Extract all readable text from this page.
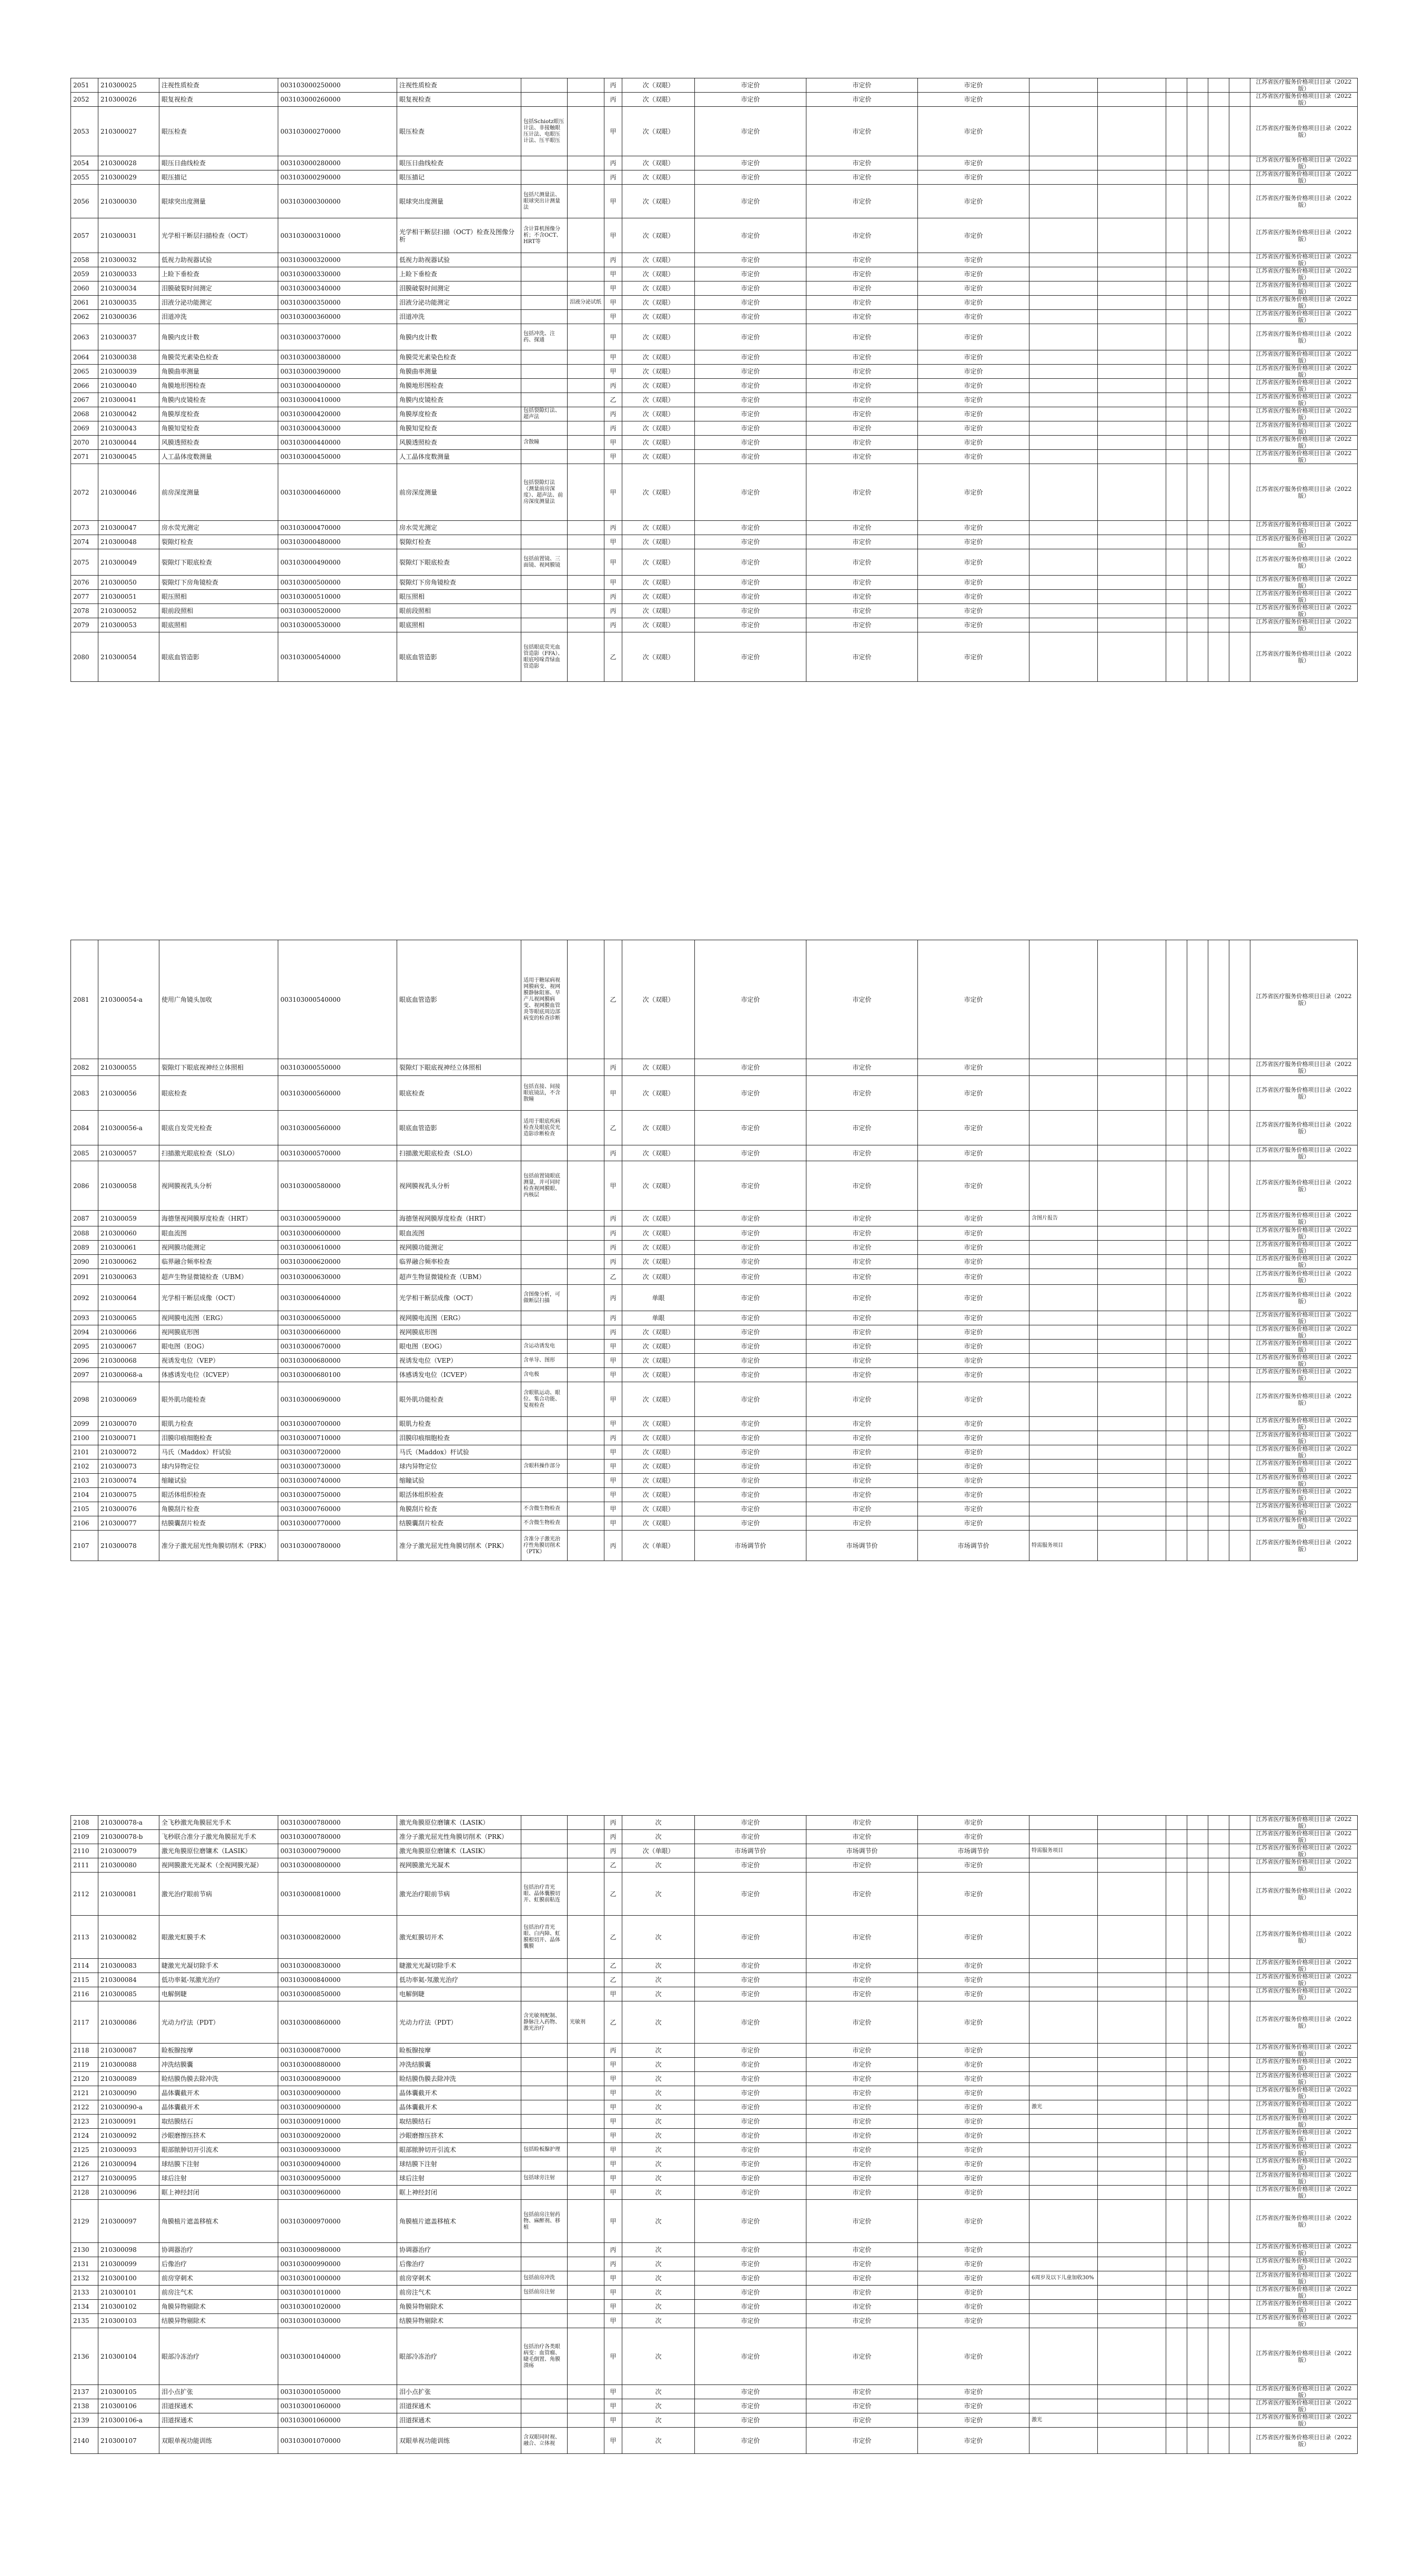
2051	210300025	注视性质检查	003103000250000	注视性质检查			丙	次（双眼）	市定价	市定价	市定价							江苏省医疗服务价格项目目录（2022版）
2052	210300026	眼复视检查	003103000260000	眼复视检查			丙	次（双眼）	市定价	市定价	市定价							江苏省医疗服务价格项目目录（2022版）
2053	210300027	眼压检查	003103000270000	眼压检查	包括Schiotz眼压计法、非接触眼压计法、电眼压计法、压平眼压		甲	次（双眼）	市定价	市定价	市定价							江苏省医疗服务价格项目目录（2022版）
2054	210300028	眼压日曲线检查	003103000280000	眼压日曲线检查			丙	次（双眼）	市定价	市定价	市定价							江苏省医疗服务价格项目目录（2022版）
2055	210300029	眼压描记	003103000290000	眼压描记			丙	次（双眼）	市定价	市定价	市定价							江苏省医疗服务价格项目目录（2022版）
2056	210300030	眼球突出度测量	003103000300000	眼球突出度测量	包括尺测量法、眼球突出计测量法		甲	次（双眼）	市定价	市定价	市定价							江苏省医疗服务价格项目目录（2022版）
2057	210300031	光学相干断层扫描检查（OCT）	003103000310000	光学相干断层扫描（OCT）检查及图像分析	含计算机图像分析；不含OCT、HRT等		甲	次（双眼）	市定价	市定价	市定价							江苏省医疗服务价格项目目录（2022版）
2058	210300032	低视力助视器试验	003103000320000	低视力助视器试验			丙	次（双眼）	市定价	市定价	市定价							江苏省医疗服务价格项目目录（2022版）
2059	210300033	上睑下垂检查	003103000330000	上睑下垂检查			甲	次（双眼）	市定价	市定价	市定价							江苏省医疗服务价格项目目录（2022版）
2060	210300034	泪膜破裂时间测定	003103000340000	泪膜破裂时间测定			甲	次（双眼）	市定价	市定价	市定价							江苏省医疗服务价格项目目录（2022版）
2061	210300035	泪液分泌功能测定	003103000350000	泪液分泌功能测定		泪液分泌试纸	甲	次（双眼）	市定价	市定价	市定价							江苏省医疗服务价格项目目录（2022版）
2062	210300036	泪道冲洗	003103000360000	泪道冲洗			甲	次（双眼）	市定价	市定价	市定价							江苏省医疗服务价格项目目录（2022版）
2063	210300037	角膜内皮计数	003103000370000	角膜内皮计数	包括冲洗、注药、探通		甲	次（双眼）	市定价	市定价	市定价							江苏省医疗服务价格项目目录（2022版）
2064	210300038	角膜荧光素染色检查	003103000380000	角膜荧光素染色检查			甲	次（双眼）	市定价	市定价	市定价							江苏省医疗服务价格项目目录（2022版）
2065	210300039	角膜曲率测量	003103000390000	角膜曲率测量			甲	次（双眼）	市定价	市定价	市定价							江苏省医疗服务价格项目目录（2022版）
2066	210300040	角膜地形图检查	003103000400000	角膜地形图检查			丙	次（双眼）	市定价	市定价	市定价							江苏省医疗服务价格项目目录（2022版）
2067	210300041	角膜内皮镜检查	003103000410000	角膜内皮镜检查			乙	次（双眼）	市定价	市定价	市定价							江苏省医疗服务价格项目目录（2022版）
2068	210300042	角膜厚度检查	003103000420000	角膜厚度检查	包括裂隙灯法、超声法		丙	次（双眼）	市定价	市定价	市定价							江苏省医疗服务价格项目目录（2022版）
2069	210300043	角膜知觉检查	003103000430000	角膜知觉检查			丙	次（双眼）	市定价	市定价	市定价							江苏省医疗服务价格项目目录（2022版）
2070	210300044	风膜透照检查	003103000440000	风膜透照检查	含散瞳		甲	次（双眼）	市定价	市定价	市定价							江苏省医疗服务价格项目目录（2022版）
2071	210300045	人工晶体度数测量	003103000450000	人工晶体度数测量			甲	次（双眼）	市定价	市定价	市定价							江苏省医疗服务价格项目目录（2022版）
2072	210300046	前房深度测量	003103000460000	前房深度测量	包括裂隙灯法（测量前房深度）、超声法、前房深度测量法		甲	次（双眼）	市定价	市定价	市定价							江苏省医疗服务价格项目目录（2022版）
2073	210300047	房水荧光测定	003103000470000	房水荧光测定			丙	次（双眼）	市定价	市定价	市定价							江苏省医疗服务价格项目目录（2022版）
2074	210300048	裂隙灯检查	003103000480000	裂隙灯检查			甲	次（双眼）	市定价	市定价	市定价							江苏省医疗服务价格项目目录（2022版）
2075	210300049	裂隙灯下眼底检查	003103000490000	裂隙灯下眼底检查	包括前置镜、三面镜、视网膜镜		甲	次（双眼）	市定价	市定价	市定价							江苏省医疗服务价格项目目录（2022版）
2076	210300050	裂隙灯下房角镜检查	003103000500000	裂隙灯下房角镜检查			甲	次（双眼）	市定价	市定价	市定价							江苏省医疗服务价格项目目录（2022版）
2077	210300051	眼压照相	003103000510000	眼压照相			丙	次（双眼）	市定价	市定价	市定价							江苏省医疗服务价格项目目录（2022版）
2078	210300052	眼前段照相	003103000520000	眼前段照相			丙	次（双眼）	市定价	市定价	市定价							江苏省医疗服务价格项目目录（2022版）
2079	210300053	眼底照相	003103000530000	眼底照相			丙	次（双眼）	市定价	市定价	市定价							江苏省医疗服务价格项目目录（2022版）
2080	210300054	眼底血管造影	003103000540000	眼底血管造影	包括眼底荧光血管造影（FFA）、眼底吲哚青绿血管造影		乙	次（双眼）	市定价	市定价	市定价							江苏省医疗服务价格项目目录（2022版）
2081	210300054-a	使用广角镜头加收	003103000540000	眼底血管造影	适用于糖尿病视网膜病变、视网膜静脉阻塞、早产儿视网膜病变、视网膜血管炎等眼底周边部病变的检查诊断		乙	次（双眼）	市定价	市定价	市定价							江苏省医疗服务价格项目目录（2022版）
2082	210300055	裂隙灯下眼底视神经立体照相	003103000550000	裂隙灯下眼底视神经立体照相			丙	次（双眼）	市定价	市定价	市定价							江苏省医疗服务价格项目目录（2022版）
2083	210300056	眼底检查	003103000560000	眼底检查	包括直接、间接眼底镜法，不含散瞳		甲	次（双眼）	市定价	市定价	市定价							江苏省医疗服务价格项目目录（2022版）
2084	210300056-a	眼底自发荧光检查	003103000560000	眼底血管造影	适用于眼底疾病检查及眼底荧光造影诊断检查		乙	次（双眼）	市定价	市定价	市定价							江苏省医疗服务价格项目目录（2022版）
2085	210300057	扫描激光眼底检查（SLO）	003103000570000	扫描激光眼底检查（SLO）			丙	次（双眼）	市定价	市定价	市定价							江苏省医疗服务价格项目目录（2022版）
2086	210300058	视网膜视乳头分析	003103000580000	视网膜视乳头分析	包括前置镜眼底测量，并可同时检查视网膜眼、内核层		甲	次（双眼）	市定价	市定价	市定价							江苏省医疗服务价格项目目录（2022版）
2087	210300059	海德堡视网膜厚度检查（HRT）	003103000590000	海德堡视网膜厚度检查（HRT）			丙	次（双眼）	市定价	市定价	市定价	含图片报告						江苏省医疗服务价格项目目录（2022版）
2088	210300060	眼血流图	003103000600000	眼血流图			丙	次（双眼）	市定价	市定价	市定价							江苏省医疗服务价格项目目录（2022版）
2089	210300061	视网膜功能测定	003103000610000	视网膜功能测定			丙	次（双眼）	市定价	市定价	市定价							江苏省医疗服务价格项目目录（2022版）
2090	210300062	临界融合频率检查	003103000620000	临界融合频率检查			丙	次（双眼）	市定价	市定价	市定价							江苏省医疗服务价格项目目录（2022版）
2091	210300063	超声生物显微镜检查（UBM）	003103000630000	超声生物显微镜检查（UBM）			乙	次（双眼）	市定价	市定价	市定价							江苏省医疗服务价格项目目录（2022版）
2092	210300064	光学相干断层成像（OCT）	003103000640000	光学相干断层成像（OCT）	含图像分析，可做断层扫描		丙	单眼	市定价	市定价	市定价							江苏省医疗服务价格项目目录（2022版）
2093	210300065	视网膜电流图（ERG）	003103000650000	视网膜电流图（ERG）			丙	单眼	市定价	市定价	市定价							江苏省医疗服务价格项目目录（2022版）
2094	210300066	视网膜底形图	003103000660000	视网膜底形图			丙	次（双眼）	市定价	市定价	市定价							江苏省医疗服务价格项目目录（2022版）
2095	210300067	眼电图（EOG）	003103000670000	眼电图（EOG）	含运动诱发电		甲	次（双眼）	市定价	市定价	市定价							江苏省医疗服务价格项目目录（2022版）
2096	210300068	视诱发电位（VEP）	003103000680000	视诱发电位（VEP）	含单导、图形		甲	次（双眼）	市定价	市定价	市定价							江苏省医疗服务价格项目目录（2022版）
2097	210300068-a	体感诱发电位（ICVEP）	003103000680100	体感诱发电位（ICVEP）	含电极		甲	次（双眼）	市定价	市定价	市定价							江苏省医疗服务价格项目目录（2022版）
2098	210300069	眼外肌功能检查	003103000690000	眼外肌功能检查	含眼肌运动、眼位、集合功能、复视检查		甲	次（双眼）	市定价	市定价	市定价							江苏省医疗服务价格项目目录（2022版）
2099	210300070	眼肌力检查	003103000700000	眼肌力检查			甲	次（双眼）	市定价	市定价	市定价							江苏省医疗服务价格项目目录（2022版）
2100	210300071	泪膜印痕细胞检查	003103000710000	泪膜印痕细胞检查			丙	次（双眼）	市定价	市定价	市定价							江苏省医疗服务价格项目目录（2022版）
2101	210300072	马氏（Maddox）杆试验	003103000720000	马氏（Maddox）杆试验			甲	次（双眼）	市定价	市定价	市定价							江苏省医疗服务价格项目目录（2022版）
2102	210300073	球内异物定位	003103000730000	球内异物定位	含眼科操作部分		甲	次（双眼）	市定价	市定价	市定价							江苏省医疗服务价格项目目录（2022版）
2103	210300074	缩瞳试验	003103000740000	缩瞳试验			甲	次（双眼）	市定价	市定价	市定价							江苏省医疗服务价格项目目录（2022版）
2104	210300075	眼活体组织检查	003103000750000	眼活体组织检查			甲	次（双眼）	市定价	市定价	市定价							江苏省医疗服务价格项目目录（2022版）
2105	210300076	角膜刮片检查	003103000760000	角膜刮片检查	不含微生物检查		甲	次（双眼）	市定价	市定价	市定价							江苏省医疗服务价格项目目录（2022版）
2106	210300077	结膜囊刮片检查	003103000770000	结膜囊刮片检查	不含微生物检查		甲	次（双眼）	市定价	市定价	市定价							江苏省医疗服务价格项目目录（2022版）
2107	210300078	准分子激光屈光性角膜切削术（PRK）	003103000780000	准分子激光屈光性角膜切削术（PRK）	含准分子激光治疗性角膜切削术（PTK）		丙	次（单眼）	市场调节价	市场调节价	市场调节价	特需服务项目						江苏省医疗服务价格项目目录（2022版）
2108	210300078-a	全飞秒激光角膜屈光手术	003103000780000	激光角膜原位磨镶术（LASIK）			丙	次	市定价	市定价	市定价							江苏省医疗服务价格项目目录（2022版）
2109	210300078-b	飞秒联合准分子激光角膜屈光手术	003103000780000	准分子激光屈光性角膜切削术（PRK）			丙	次	市定价	市定价	市定价							江苏省医疗服务价格项目目录（2022版）
2110	210300079	激光角膜原位磨镶术（LASIK）	003103000790000	激光角膜原位磨镶术（LASIK）			丙	次（单眼）	市场调节价	市场调节价	市场调节价	特需服务项目						江苏省医疗服务价格项目目录（2022版）
2111	210300080	视网膜激光光凝术（全视网膜光凝）	003103000800000	视网膜激光光凝术			乙	次	市定价	市定价	市定价							江苏省医疗服务价格项目目录（2022版）
2112	210300081	激光治疗眼前节病	003103000810000	激光治疗眼前节病	包括治疗青光眼、晶体囊膜切开、虹膜前粘连		乙	次	市定价	市定价	市定价							江苏省医疗服务价格项目目录（2022版）
2113	210300082	眼激光虹膜手术	003103000820000	激光虹膜切开术	包括治疗青光眼、白内障、虹膜根切开、晶体囊膜		乙	次	市定价	市定价	市定价							江苏省医疗服务价格项目目录（2022版）
2114	210300083	睫激光光凝切除手术	003103000830000	睫激光光凝切除手术			乙	次	市定价	市定价	市定价							江苏省医疗服务价格项目目录（2022版）
2115	210300084	低功率氦-氖激光治疗	003103000840000	低功率氦-氖激光治疗			乙	次	市定价	市定价	市定价							江苏省医疗服务价格项目目录（2022版）
2116	210300085	电解倒睫	003103000850000	电解倒睫			甲	次	市定价	市定价	市定价							江苏省医疗服务价格项目目录（2022版）
2117	210300086	光动力疗法（PDT）	003103000860000	光动力疗法（PDT）	含光敏剂配制、静脉注入药物、激光治疗	光敏剂	乙	次	市定价	市定价	市定价							江苏省医疗服务价格项目目录（2022版）
2118	210300087	睑板腺按摩	003103000870000	睑板腺按摩			丙	次	市定价	市定价	市定价							江苏省医疗服务价格项目目录（2022版）
2119	210300088	冲洗结膜囊	003103000880000	冲洗结膜囊			甲	次	市定价	市定价	市定价							江苏省医疗服务价格项目目录（2022版）
2120	210300089	睑结膜伪膜去除冲洗	003103000890000	睑结膜伪膜去除冲洗			甲	次	市定价	市定价	市定价							江苏省医疗服务价格项目目录（2022版）
2121	210300090	晶体囊截开术	003103000900000	晶体囊截开术			甲	次	市定价	市定价	市定价							江苏省医疗服务价格项目目录（2022版）
2122	210300090-a	晶体囊截开术	003103000900000	晶体囊截开术			甲	次	市定价	市定价	市定价	激光						江苏省医疗服务价格项目目录（2022版）
2123	210300091	取结膜结石	003103000910000	取结膜结石			甲	次	市定价	市定价	市定价							江苏省医疗服务价格项目目录（2022版）
2124	210300092	沙眼磨擦压挤术	003103000920000	沙眼磨擦压挤术			甲	次	市定价	市定价	市定价							江苏省医疗服务价格项目目录（2022版）
2125	210300093	眼部脓肿切开引流术	003103000930000	眼部脓肿切开引流术	包括睑板腺护理		甲	次	市定价	市定价	市定价							江苏省医疗服务价格项目目录（2022版）
2126	210300094	球结膜下注射	003103000940000	球结膜下注射			甲	次	市定价	市定价	市定价							江苏省医疗服务价格项目目录（2022版）
2127	210300095	球后注射	003103000950000	球后注射	包括球旁注射		甲	次	市定价	市定价	市定价							江苏省医疗服务价格项目目录（2022版）
2128	210300096	眶上神经封闭	003103000960000	眶上神经封闭			甲	次	市定价	市定价	市定价							江苏省医疗服务价格项目目录（2022版）
2129	210300097	角膜植片遮盖移植术	003103000970000	角膜植片遮盖移植术	包括前房注射药物、麻醉剂、移植		甲	次	市定价	市定价	市定价							江苏省医疗服务价格项目目录（2022版）
2130	210300098	协调器治疗	003103000980000	协调器治疗			丙	次	市定价	市定价	市定价							江苏省医疗服务价格项目目录（2022版）
2131	210300099	后像治疗	003103000990000	后像治疗			丙	次	市定价	市定价	市定价							江苏省医疗服务价格项目目录（2022版）
2132	210300100	前房穿刺术	003103001000000	前房穿刺术	包括前房冲洗		甲	次	市定价	市定价	市定价	6周岁及以下儿童加收30%						江苏省医疗服务价格项目目录（2022版）
2133	210300101	前房注气术	003103001010000	前房注气术	包括前房注射		甲	次	市定价	市定价	市定价							江苏省医疗服务价格项目目录（2022版）
2134	210300102	角膜异物剔除术	003103001020000	角膜异物剔除术			甲	次	市定价	市定价	市定价							江苏省医疗服务价格项目目录（2022版）
2135	210300103	结膜异物剔除术	003103001030000	结膜异物剔除术			甲	次	市定价	市定价	市定价							江苏省医疗服务价格项目目录（2022版）
2136	210300104	眼部冷冻治疗	003103001040000	眼部冷冻治疗	包括治疗各类眼病变：血管瘤、睫毛倒置、角膜溃疡		甲	次	市定价	市定价	市定价							江苏省医疗服务价格项目目录（2022版）
2137	210300105	泪小点扩张	003103001050000	泪小点扩张			甲	次	市定价	市定价	市定价							江苏省医疗服务价格项目目录（2022版）
2138	210300106	泪道探通术	003103001060000	泪道探通术			甲	次	市定价	市定价	市定价							江苏省医疗服务价格项目目录（2022版）
2139	210300106-a	泪道探通术	003103001060000	泪道探通术			甲	次	市定价	市定价	市定价	激光						江苏省医疗服务价格项目目录（2022版）
2140	210300107	双眼单视功能训练	003103001070000	双眼单视功能训练	含双眼同时视、融合、立体视		甲	次	市定价	市定价	市定价							江苏省医疗服务价格项目目录（2022版）
